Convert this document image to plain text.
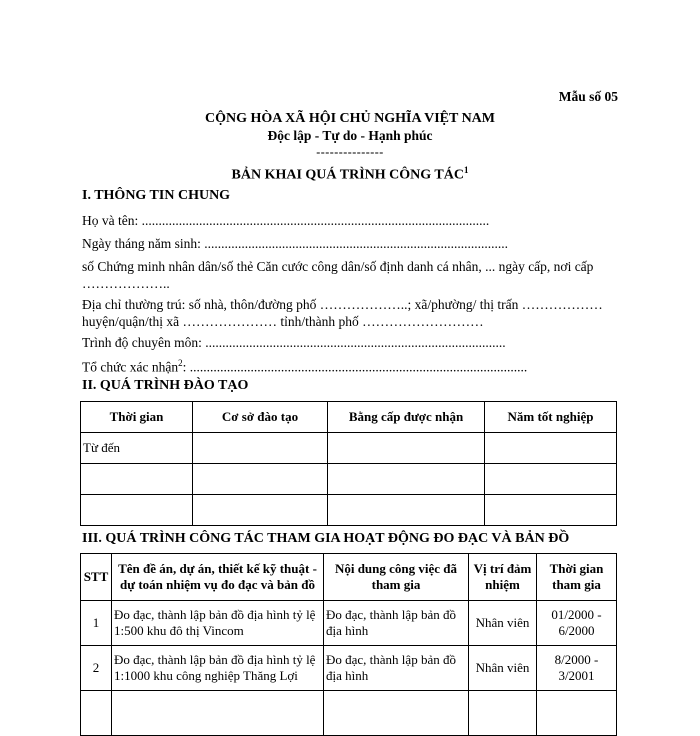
Mẫu số 05
CỘNG HÒA XÃ HỘI CHỦ NGHĨA VIỆT NAM
Độc lập - Tự do - Hạnh phúc
---------------
BẢN KHAI QUÁ TRÌNH CÔNG TÁC$^1$
I. THÔNG TIN CHUNG
Họ và tên: .......................................................................................................
Ngày tháng năm sinh: ..........................................................................................
số Chứng minh nhân dân/số thẻ Căn cước công dân/số định danh cá nhân, ... ngày cấp, nơi cấp
………………..
Địa chỉ thường trú: số nhà, thôn/đường phố ………………..; xã/phường/ thị trấn ………………
huyện/quận/thị xã ………………… tỉnh/thành phố ………………………
Trình độ chuyên môn: .........................................................................................
Tổ chức xác nhận$^2$: ....................................................................................................
II. QUÁ TRÌNH ĐÀO TẠO
Thời gian	Cơ sở đào tạo	Bằng cấp được nhận	Năm tốt nghiệp
Từ đến			

III. QUÁ TRÌNH CÔNG TÁC THAM GIA HOẠT ĐỘNG ĐO ĐẠC VÀ BẢN ĐỒ
STT	Tên đề án, dự án, thiết kế kỹ thuật - dự toán nhiệm vụ đo đạc và bản đồ	Nội dung công việc đã tham gia	Vị trí đảm nhiệm	Thời gian tham gia
1	Đo đạc, thành lập bản đồ địa hình tỷ lệ 1:500 khu đô thị Vincom	Đo đạc, thành lập bản đồ địa hình	Nhân viên	01/2000 - 6/2000
2	Đo đạc, thành lập bản đồ địa hình tỷ lệ 1:1000 khu công nghiệp Thăng Lợi	Đo đạc, thành lập bản đồ địa hình	Nhân viên	8/2000 - 3/2001
